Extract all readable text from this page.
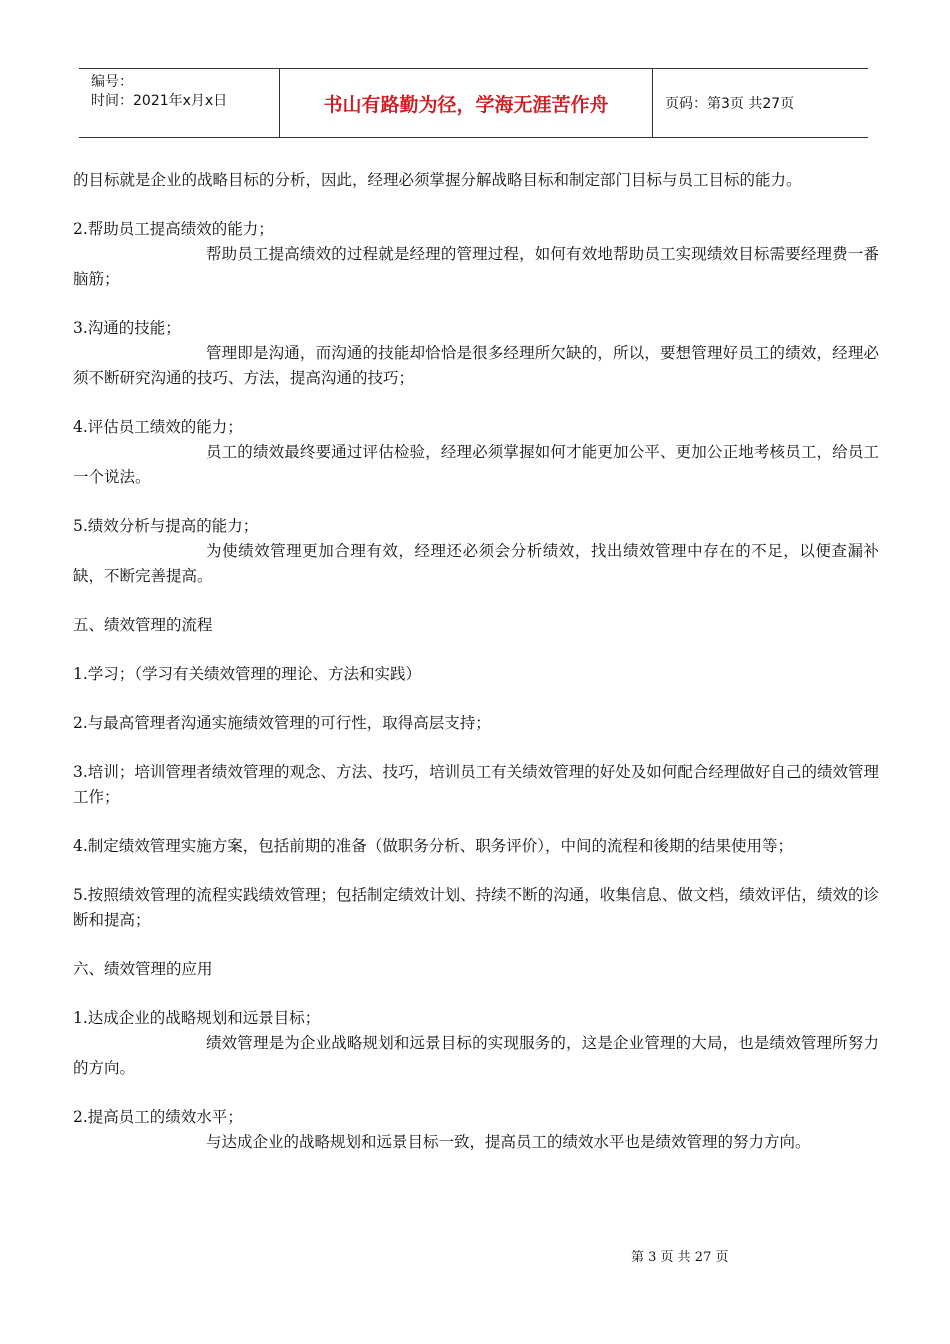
编号：
时间：2021年x月x日	书山有路勤为径，学海无涯苦作舟	页码：第3页 共27页

的目标就是企业的战略目标的分析，因此，经理必须掌握分解战略目标和制定部门目标与员工目标的能力。

2.帮助员工提高绩效的能力；

帮助员工提高绩效的过程就是经理的管理过程，如何有效地帮助员工实现绩效目标需要经理费一番脑筋；

3.沟通的技能；

管理即是沟通，而沟通的技能却恰恰是很多经理所欠缺的，所以，要想管理好员工的绩效，经理必须不断研究沟通的技巧、方法，提高沟通的技巧；

4.评估员工绩效的能力；

员工的绩效最终要通过评估检验，经理必须掌握如何才能更加公平、更加公正地考核员工，给员工一个说法。

5.绩效分析与提高的能力；

为使绩效管理更加合理有效，经理还必须会分析绩效，找出绩效管理中存在的不足，以便查漏补缺，不断完善提高。

五、绩效管理的流程

1.学习；（学习有关绩效管理的理论、方法和实践）

2.与最高管理者沟通实施绩效管理的可行性，取得高层支持；

3.培训；培训管理者绩效管理的观念、方法、技巧，培训员工有关绩效管理的好处及如何配合经理做好自己的绩效管理工作；

4.制定绩效管理实施方案，包括前期的准备（做职务分析、职务评价），中间的流程和後期的结果使用等；

5.按照绩效管理的流程实践绩效管理；包括制定绩效计划、持续不断的沟通，收集信息、做文档，绩效评估，绩效的诊断和提高；

六、绩效管理的应用

1.达成企业的战略规划和远景目标；

绩效管理是为企业战略规划和远景目标的实现服务的，这是企业管理的大局，也是绩效管理所努力的方向。

2.提高员工的绩效水平；

与达成企业的战略规划和远景目标一致，提高员工的绩效水平也是绩效管理的努力方向。

第 3 页 共 27 页
